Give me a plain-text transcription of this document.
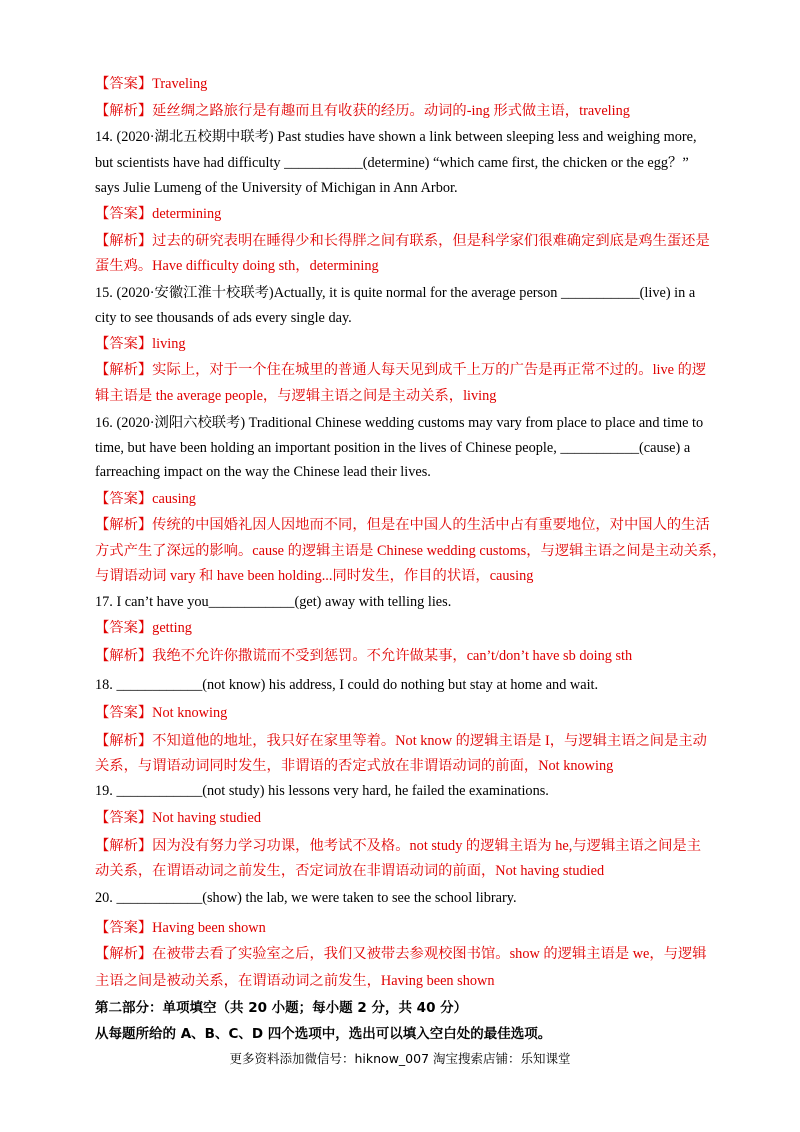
【答案】Traveling
【解析】延丝绸之路旅行是有趣而且有收获的经历。动词的-ing 形式做主语，traveling
14. (2020·湖北五校期中联考) Past studies have shown a link between sleeping less and weighing more,
but scientists have had difficulty ___________(determine) “which came first, the chicken or the egg？”
says Julie Lumeng of the University of Michigan in Ann Arbor.
【答案】determining
【解析】过去的研究表明在睡得少和长得胖之间有联系，但是科学家们很难确定到底是鸡生蛋还是
蛋生鸡。Have difficulty doing sth，determining
15. (2020·安徽江淮十校联考)Actually, it is quite normal for the average person ___________(live) in a
city to see thousands of ads every single day.
【答案】living
【解析】实际上，对于一个住在城里的普通人每天见到成千上万的广告是再正常不过的。live 的逻
辑主语是 the average people，与逻辑主语之间是主动关系，living
16. (2020·浏阳六校联考) Traditional Chinese wedding customs may vary from place to place and time to
time, but have been holding an important position in the lives of Chinese people, ___________(cause) a
farreaching impact on the way the Chinese lead their lives.
【答案】causing
【解析】传统的中国婚礼因人因地而不同，但是在中国人的生活中占有重要地位，对中国人的生活
方式产生了深远的影响。cause 的逻辑主语是 Chinese wedding customs，与逻辑主语之间是主动关系，
与谓语动词 vary 和 have been holding...同时发生，作目的状语，causing
17. I can’t have you____________(get) away with telling lies.
【答案】getting
【解析】我绝不允许你撒谎而不受到惩罚。不允许做某事，can’t/don’t have sb doing sth
18. ____________(not know) his address, I could do nothing but stay at home and wait.
【答案】Not knowing
【解析】不知道他的地址，我只好在家里等着。Not know 的逻辑主语是 I，与逻辑主语之间是主动
关系，与谓语动词同时发生，非谓语的否定式放在非谓语动词的前面，Not knowing
19. ____________(not study) his lessons very hard, he failed the examinations.
【答案】Not having studied
【解析】因为没有努力学习功课，他考试不及格。not study 的逻辑主语为 he,与逻辑主语之间是主
动关系，在谓语动词之前发生，否定词放在非谓语动词的前面，Not having studied
20. ____________(show) the lab, we were taken to see the school library.
【答案】Having been shown
【解析】在被带去看了实验室之后，我们又被带去参观校图书馆。show 的逻辑主语是 we，与逻辑
主语之间是被动关系，在谓语动词之前发生，Having been shown
第二部分：单项填空（共 20 小题；每小题 2 分，共 40 分）
从每题所给的 A、B、C、D 四个选项中，选出可以填入空白处的最佳选项。
更多资料添加微信号：hiknow_007 淘宝搜索店铺：乐知课堂
